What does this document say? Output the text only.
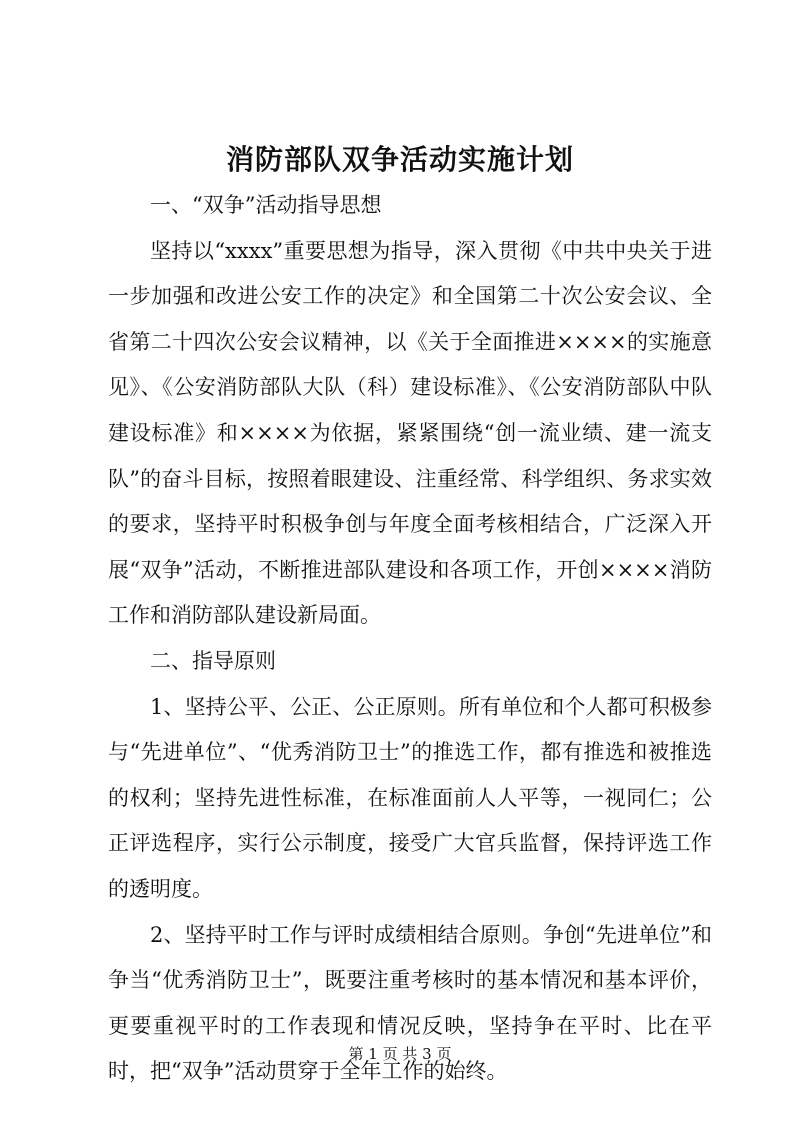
消防部队双争活动实施计划

一、“双争”活动指导思想

坚持以“xxxx”重要思想为指导，深入贯彻《中共中央关于进一步加强和改进公安工作的决定》和全国第二十次公安会议、全省第二十四次公安会议精神，以《关于全面推进××××的实施意见》、《公安消防部队大队（科）建设标准》、《公安消防部队中队建设标准》和××××为依据，紧紧围绕“创一流业绩、建一流支队”的奋斗目标，按照着眼建设、注重经常、科学组织、务求实效的要求，坚持平时积极争创与年度全面考核相结合，广泛深入开展“双争”活动，不断推进部队建设和各项工作，开创××××消防工作和消防部队建设新局面。

二、指导原则

1、坚持公平、公正、公正原则。所有单位和个人都可积极参与“先进单位”、“优秀消防卫士”的推选工作，都有推选和被推选的权利；坚持先进性标准，在标准面前人人平等，一视同仁；公正评选程序，实行公示制度，接受广大官兵监督，保持评选工作的透明度。

2、坚持平时工作与评时成绩相结合原则。争创“先进单位”和争当“优秀消防卫士”，既要注重考核时的基本情况和基本评价，更要重视平时的工作表现和情况反映，坚持争在平时、比在平时，把“双争”活动贯穿于全年工作的始终。

第 1 页 共 3 页
